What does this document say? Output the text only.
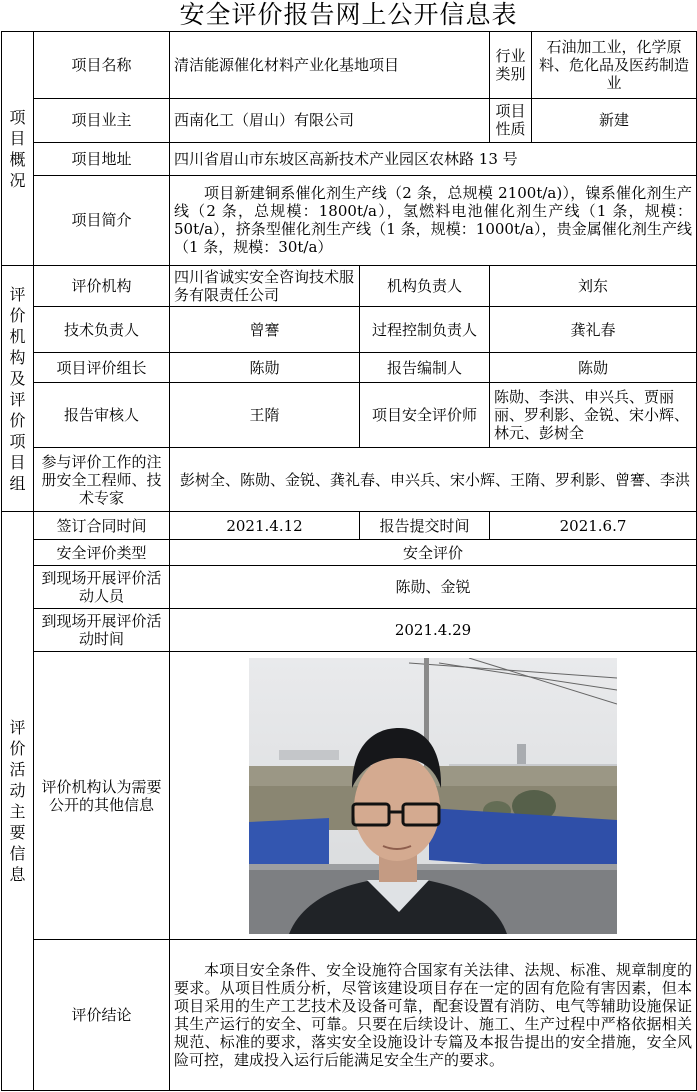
安全评价报告网上公开信息表
项目概况	项目名称	清洁能源催化材料产业化基地项目		行业类别	石油加工业，化学原料、危化品及医药制造业
	项目业主	西南化工（眉山）有限公司		项目性质	新建
	项目地址	四川省眉山市东坡区高新技术产业园区农林路 13 号			
	项目简介	项目新建铜系催化剂生产线（2 条，总规模 2100t/a)），镍系催化剂生产线（2 条，总规模：1800t/a），氢燃料电池催化剂生产线（1 条，规模：50t/a），挤条型催化剂生产线（1 条，规模：1000t/a），贵金属催化剂生产线（1 条，规模：30t/a）			
评价机构及评价项目组	评价机构	四川省诚实安全咨询技术服务有限责任公司	机构负责人	刘东	
	技术负责人	曾謇	过程控制负责人	龚礼春	
	项目评价组长	陈勋	报告编制人	陈勋	
	报告审核人	王隋	项目安全评价师	陈勋、李洪、申兴兵、贾丽丽、罗利影、金锐、宋小辉、林元、彭树全	
	参与评价工作的注册安全工程师、技术专家	彭树全、陈勋、金锐、龚礼春、申兴兵、宋小辉、王隋、罗利影、曾謇、李洪			
评价活动主要信息	签订合同时间	2021.4.12	报告提交时间	2021.6.7	
	安全评价类型	安全评价			
	到现场开展评价活动人员	陈勋、金锐			
	到现场开展评价活动时间	2021.4.29			
	评价机构认为需要公开的其他信息	

	评价结论	本项目安全条件、安全设施符合国家有关法律、法规、标准、规章制度的要求。从项目性质分析，尽管该建设项目存在一定的固有危险有害因素，但本项目采用的生产工艺技术及设备可靠，配套设置有消防、电气等辅助设施保证其生产运行的安全、可靠。只要在后续设计、施工、生产过程中严格依据相关规范、标准的要求，落实安全设施设计专篇及本报告提出的安全措施，安全风险可控，建成投入运行后能满足安全生产的要求。			
